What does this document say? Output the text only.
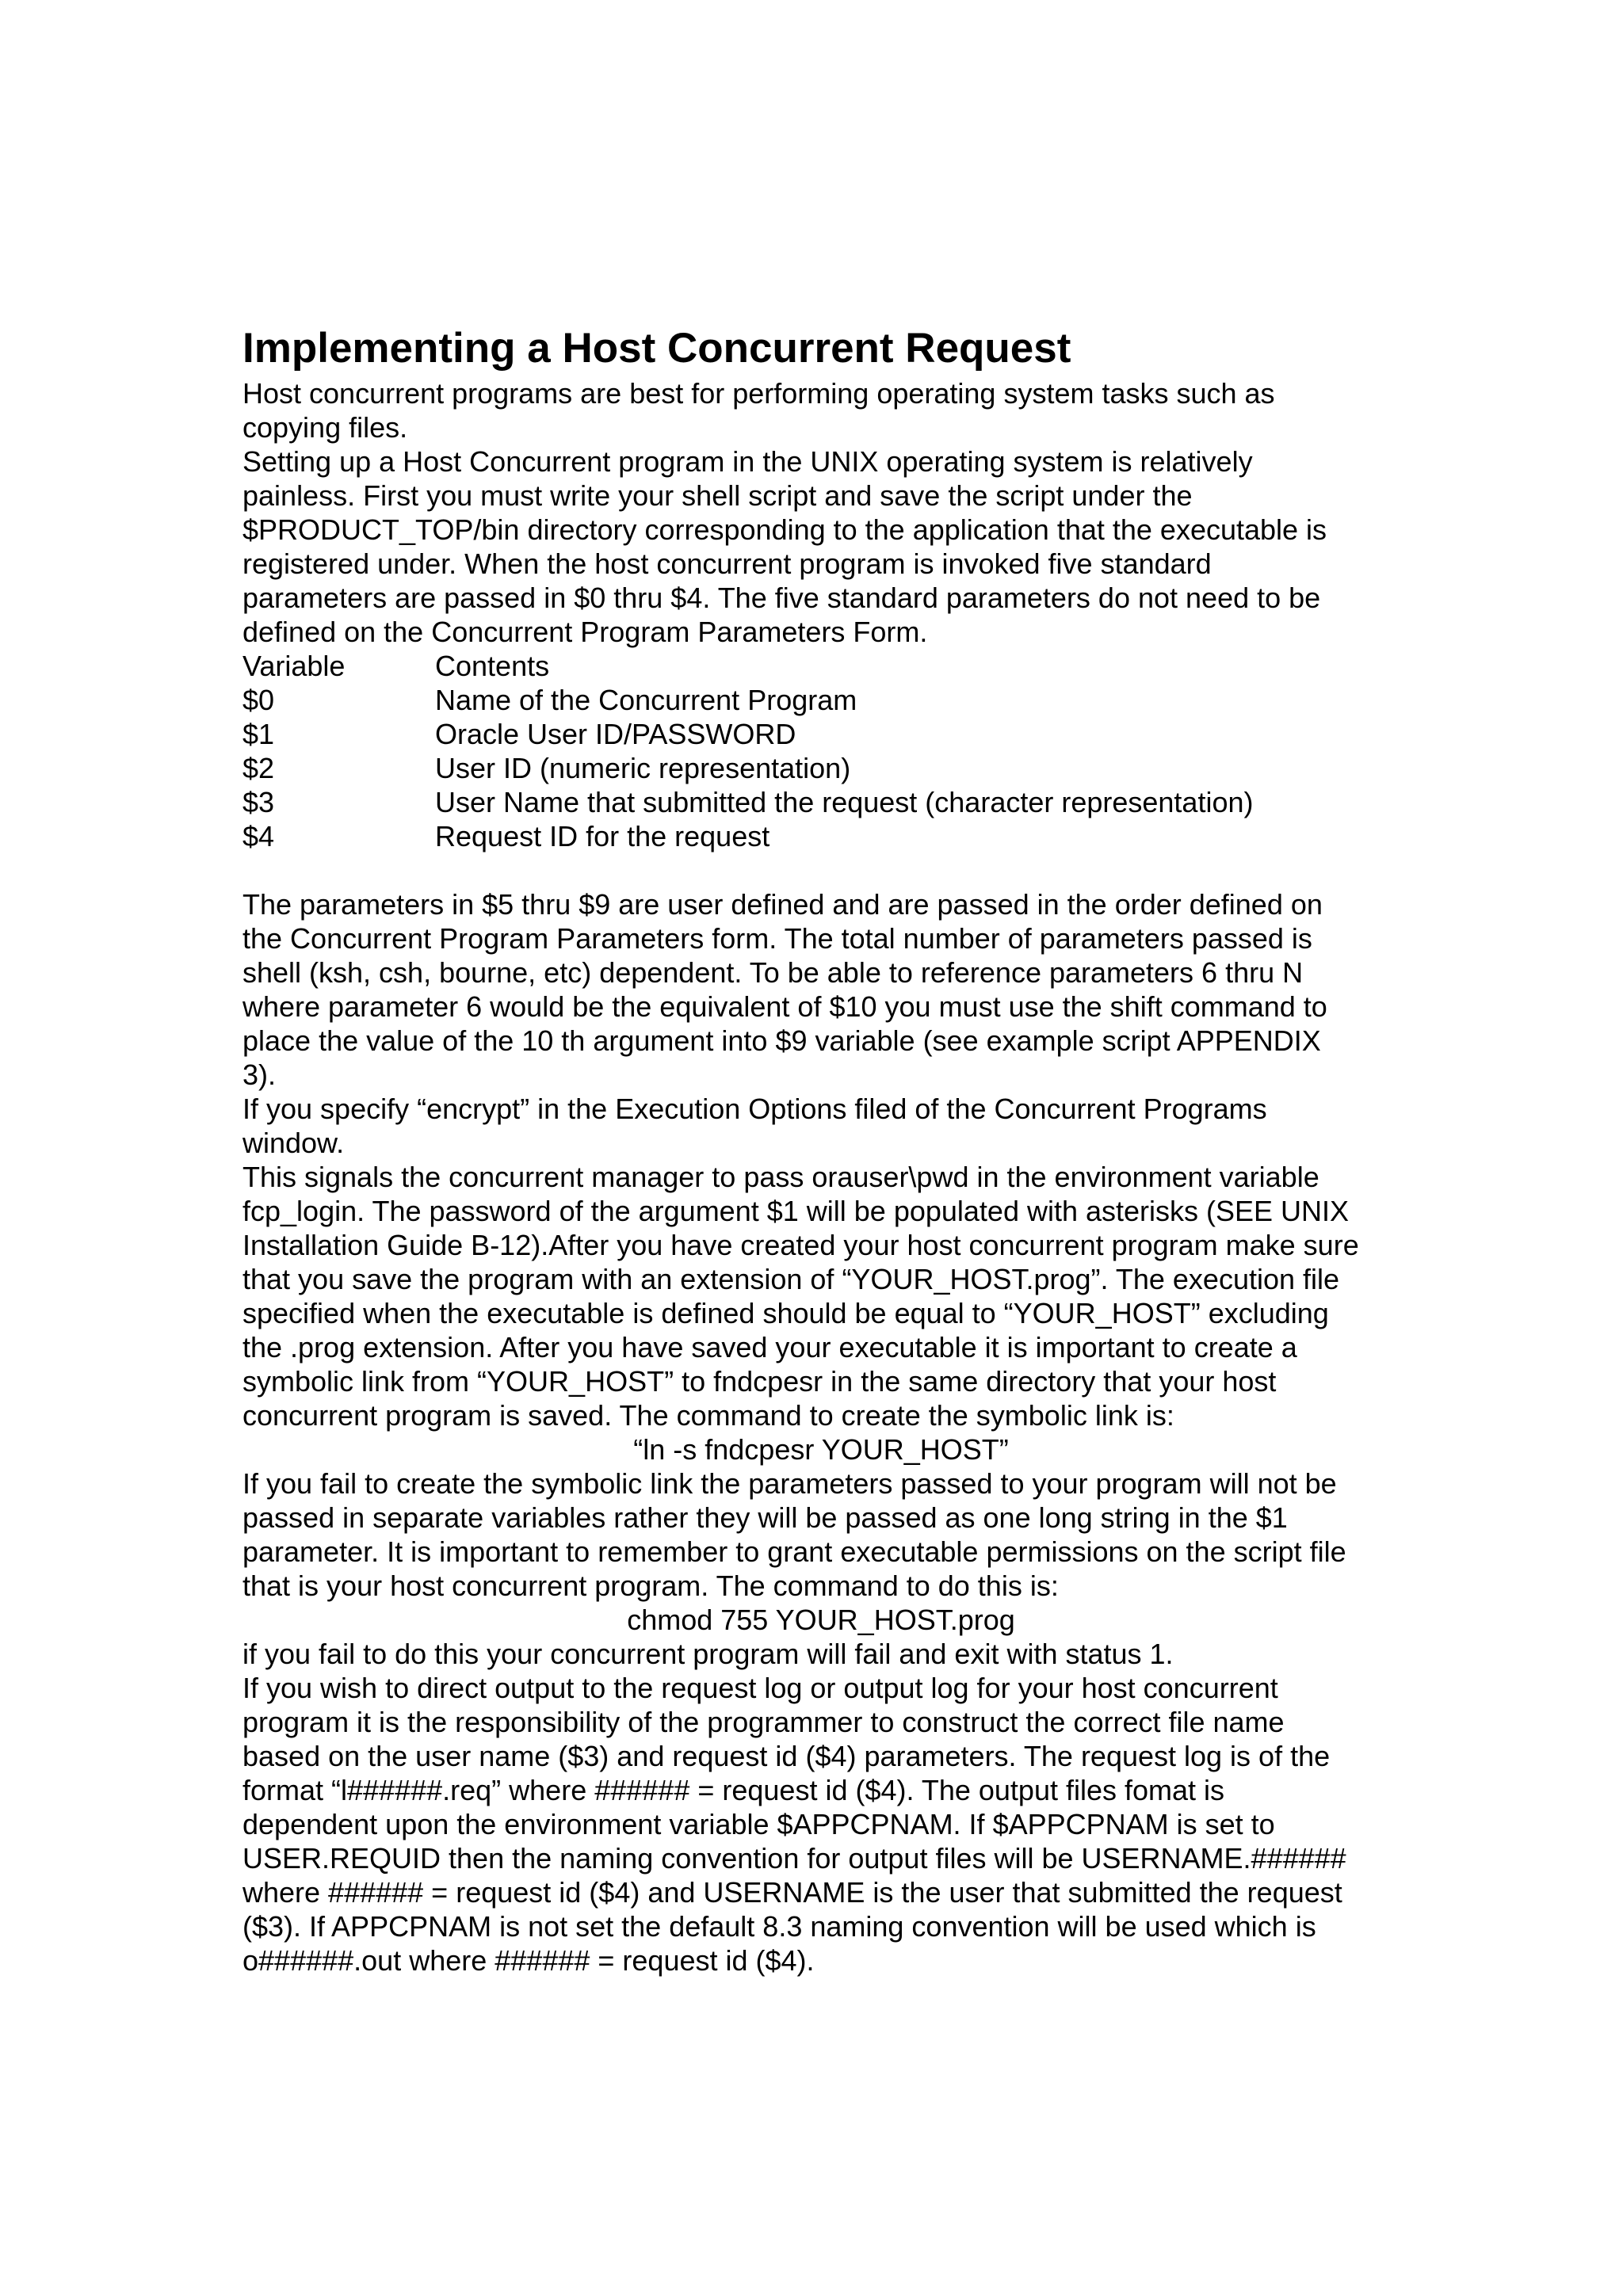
Implementing a Host Concurrent Request
Host concurrent programs are best for performing operating system tasks such as
copying files.
Setting up a Host Concurrent program in the UNIX operating system is relatively
painless. First you must write your shell script and save the script under the
$PRODUCT_TOP/bin directory corresponding to the application that the executable is
registered under. When the host concurrent program is invoked five standard
parameters are passed in $0 thru $4. The five standard parameters do not need to be
defined on the Concurrent Program Parameters Form.
Variable	Contents
$0	Name of the Concurrent Program
$1	Oracle User ID/PASSWORD
$2	User ID (numeric representation)
$3	User Name that submitted the request (character representation)
$4	Request ID for the request
The parameters in $5 thru $9 are user defined and are passed in the order defined on
the Concurrent Program Parameters form. The total number of parameters passed is
shell (ksh, csh, bourne, etc) dependent. To be able to reference parameters 6 thru N
where parameter 6 would be the equivalent of $10 you must use the shift command to
place the value of the 10 th argument into $9 variable (see example script APPENDIX
3).
If you specify “encrypt” in the Execution Options filed of the Concurrent Programs
window.
This signals the concurrent manager to pass orauser\pwd in the environment variable
fcp_login. The password of the argument $1 will be populated with asterisks (SEE UNIX
Installation Guide B-12).After you have created your host concurrent program make sure
that you save the program with an extension of “YOUR_HOST.prog”. The execution file
specified when the executable is defined should be equal to “YOUR_HOST” excluding
the .prog extension. After you have saved your executable it is important to create a
symbolic link from “YOUR_HOST” to fndcpesr in the same directory that your host
concurrent program is saved. The command to create the symbolic link is:
“ln -s fndcpesr YOUR_HOST”
If you fail to create the symbolic link the parameters passed to your program will not be
passed in separate variables rather they will be passed as one long string in the $1
parameter. It is important to remember to grant executable permissions on the script file
that is your host concurrent program. The command to do this is:
chmod 755 YOUR_HOST.prog
if you fail to do this your concurrent program will fail and exit with status 1.
If you wish to direct output to the request log or output log for your host concurrent
program it is the responsibility of the programmer to construct the correct file name
based on the user name ($3) and request id ($4) parameters. The request log is of the
format “l######.req” where ###### = request id ($4). The output files fomat is
dependent upon the environment variable $APPCPNAM. If $APPCPNAM is set to
USER.REQUID then the naming convention for output files will be USERNAME.######
where ###### = request id ($4) and USERNAME is the user that submitted the request
($3). If APPCPNAM is not set the default 8.3 naming convention will be used which is
o######.out where ###### = request id ($4).
